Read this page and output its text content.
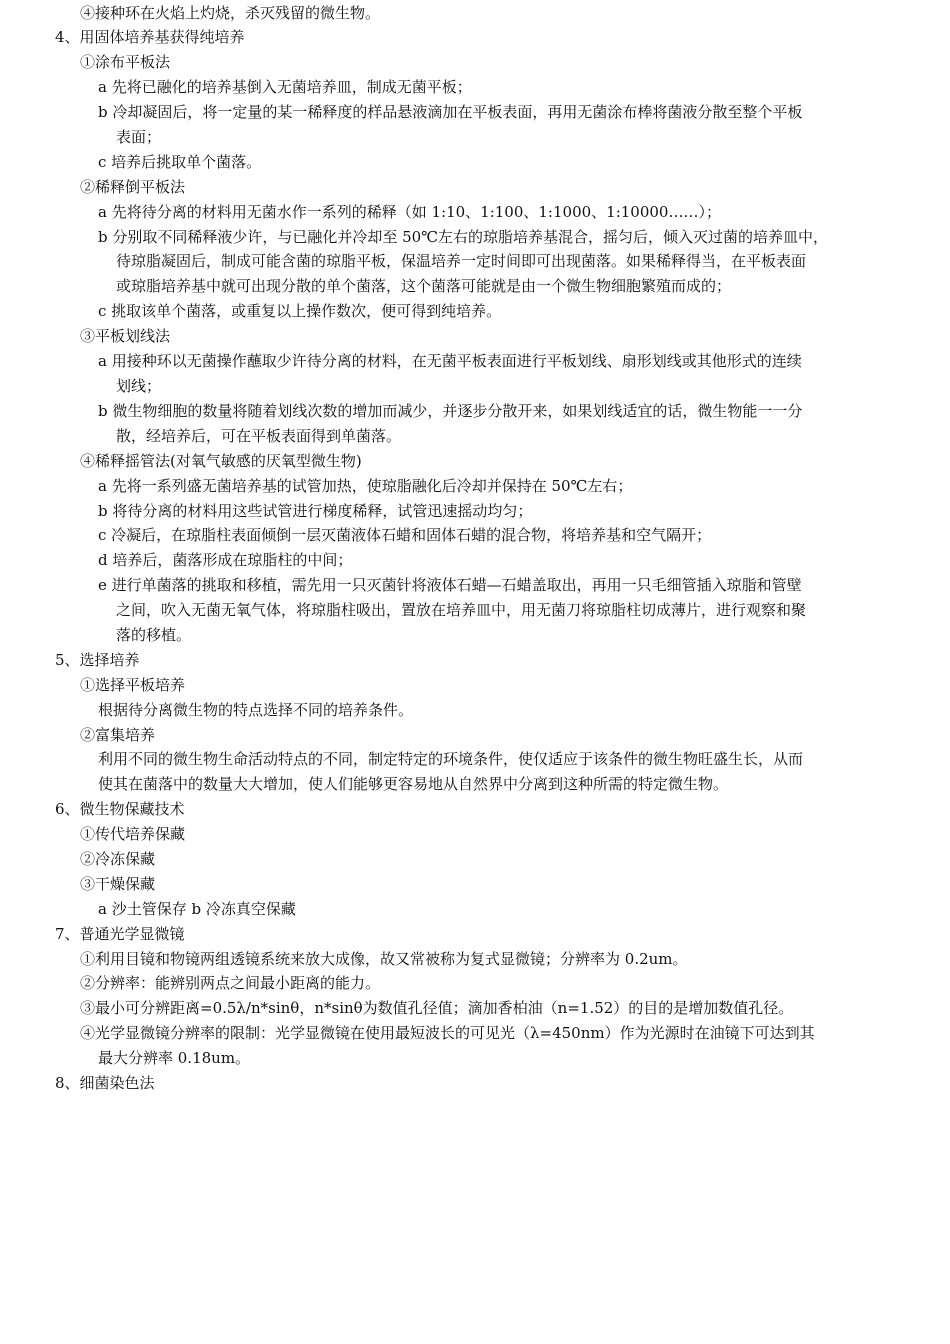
④接种环在火焰上灼烧，杀灭残留的微生物。
4、用固体培养基获得纯培养
①涂布平板法
a 先将已融化的培养基倒入无菌培养皿，制成无菌平板；
b 冷却凝固后，将一定量的某一稀释度的样品悬液滴加在平板表面，再用无菌涂布棒将菌液分散至整个平板
表面；
c 培养后挑取单个菌落。
②稀释倒平板法
a 先将待分离的材料用无菌水作一系列的稀释（如 1:10、1:100、1:1000、1:10000……）；
b 分别取不同稀释液少许，与已融化并冷却至 50℃左右的琼脂培养基混合，摇匀后，倾入灭过菌的培养皿中，
待琼脂凝固后，制成可能含菌的琼脂平板，保温培养一定时间即可出现菌落。如果稀释得当，在平板表面
或琼脂培养基中就可出现分散的单个菌落，这个菌落可能就是由一个微生物细胞繁殖而成的；
c 挑取该单个菌落，或重复以上操作数次，便可得到纯培养。
③平板划线法
a 用接种环以无菌操作蘸取少许待分离的材料，在无菌平板表面进行平板划线、扇形划线或其他形式的连续
划线；
b 微生物细胞的数量将随着划线次数的增加而减少，并逐步分散开来，如果划线适宜的话，微生物能一一分
散，经培养后，可在平板表面得到单菌落。
④稀释摇管法(对氧气敏感的厌氧型微生物)
a 先将一系列盛无菌培养基的试管加热，使琼脂融化后冷却并保持在 50℃左右；
b 将待分离的材料用这些试管进行梯度稀释，试管迅速摇动均匀；
c 冷凝后，在琼脂柱表面倾倒一层灭菌液体石蜡和固体石蜡的混合物，将培养基和空气隔开；
d 培养后，菌落形成在琼脂柱的中间；
e 进行单菌落的挑取和移植，需先用一只灭菌针将液体石蜡—石蜡盖取出，再用一只毛细管插入琼脂和管壁
之间，吹入无菌无氧气体，将琼脂柱吸出，置放在培养皿中，用无菌刀将琼脂柱切成薄片，进行观察和聚
落的移植。
5、选择培养
①选择平板培养
根据待分离微生物的特点选择不同的培养条件。
②富集培养
利用不同的微生物生命活动特点的不同，制定特定的环境条件，使仅适应于该条件的微生物旺盛生长，从而
使其在菌落中的数量大大增加，使人们能够更容易地从自然界中分离到这种所需的特定微生物。
6、微生物保藏技术
①传代培养保藏
②冷冻保藏
③干燥保藏
a 沙土管保存 b 冷冻真空保藏
7、普通光学显微镜
①利用目镜和物镜两组透镜系统来放大成像，故又常被称为复式显微镜；分辨率为 0.2um。
②分辨率：能辨别两点之间最小距离的能力。
③最小可分辨距离=0.5λ/n*sinθ，n*sinθ为数值孔径值；滴加香柏油（n=1.52）的目的是增加数值孔径。
④光学显微镜分辨率的限制：光学显微镜在使用最短波长的可见光（λ=450nm）作为光源时在油镜下可达到其
最大分辨率 0.18um。
8、细菌染色法
